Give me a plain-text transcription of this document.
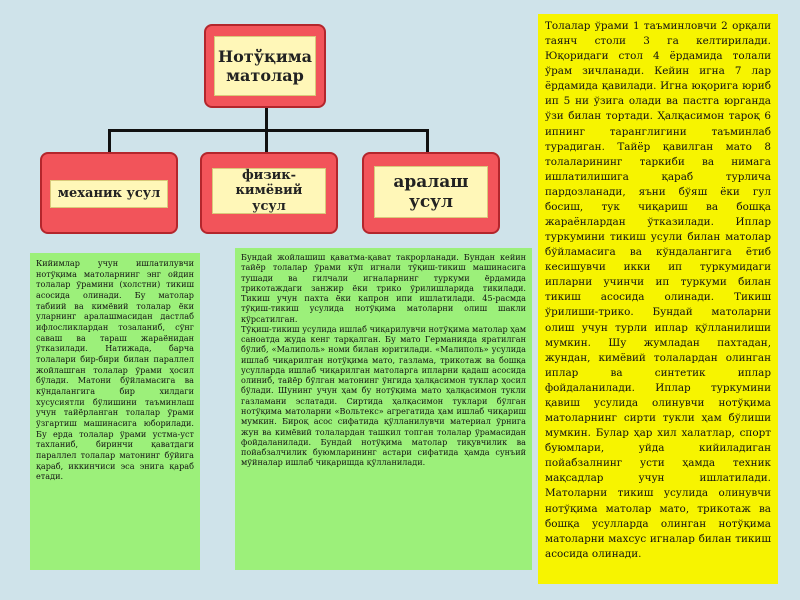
Нотўқима матолар
механик усул
физик-кимёвий усул
аралаш усул

Кийимлар учун ишлатилувчи нотўқима матоларнинг энг ойдин толалар ўрамини (холстни) тикиш асосида олинади. Бу матолар табиий ва кимёвий толалар ёки уларнинг аралашмасидан дастлаб ифлосликлардан тозаланиб, сўнг саваш ва тараш жараёнидан ўтказилади. Натижада, барча толалари бир-бири билан параллел жойлашган толалар ўрами ҳосил бўлади. Матони бўйламасига ва кўндалангига бир хилдаги хусусиятли бўлишини таъминлаш учун тайёрланган толалар ўрами ўзгартиш машинасига юборилади. Бу ерда толалар ўрами устма-уст тахланиб, биринчи қаватдаги параллел толалар матонинг бўйига қараб, иккинчиси эса энига қараб етади.

Бундай жойлашиш қаватма-қават такрорланади. Бундан кейин тайёр толалар ўрами кўп игнали тўқиш-тикиш машинасига тушади ва гилчали игналарнинг туркуми ёрдамида трикотаждаги занжир ёки трико ўрилишларида тикилади. Тикиш учун пахта ёки капрон ипи ишлатилади. 45-расмда тўқиш-тикиш усулида нотўқима матоларни олиш шакли кўрсатилган.

Тўқиш-тикиш усулида ишлаб чиқарилувчи нотўқима матолар ҳам саноатда жуда кенг тарқалган. Бу мато Германияда яратилган бўлиб, «Малиполь» номи билан юритилади. «Малиполь» усулида ишлаб чиқарилган нотўқима мато, газлама, трикотаж ва бошқа усулларда ишлаб чиқарилган матоларга ипларни қадаш асосида олиниб, тайёр бўлган матонинг ўнгида ҳалқасимон туклар ҳосил бўлади. Шунинг учун ҳам бу нотўқима мато ҳалқасимон тукли газламани эслатади. Сиртида ҳалқасимон туклари бўлган нотўқима матоларни «Вольтекс» агрегатида ҳам ишлаб чиқариш мумкин. Бироқ асос сифатида қўлланилувчи материал ўрнига жун ва кимёвий толалардан ташкил топган толалар ўрамасидан фойдаланилади. Бундай нотўқима матолар тиқувчилик ва пойабзалчилик буюмларининг астари сифатида ҳамда сунъий мўйналар ишлаб чиқаришда қўлланилади.

Толалар ўрами 1 таъминловчи 2 орқали таянч столи 3 га келтирилади. Юқоридаги стол 4 ёрдамида толали ўрам зичланади. Кейин игна 7 лар ёрдамида қавилади. Игна юқорига юриб ип 5 ни ўзига олади ва пастга юрганда ўзи билан тортади. Ҳалқасимон тароқ 6 ипнинг таранглигини таъминлаб турадиган. Тайёр қавилган мато 8 толаларининг таркиби ва нимага ишлатилишига қараб турлича пардозланади, яъни бўяш ёки гул босиш, тук чиқариш ва бошқа жараёнлардан ўтказилади. Иплар туркумини тикиш усули билан матолар бўйламасига ва кўндалангига ётиб кесишувчи икки ип туркумидаги ипларни учинчи ип туркуми билан тикиш асосида олинади. Тикиш ўрилиши-трико. Бундай матоларни олиш учун турли иплар қўлланилиши мумкин. Шу жумладан пахтадан, жундан, кимёвий толалардан олинган иплар ва синтетик иплар фойдаланилади. Иплар туркумини қавиш усулида олинувчи нотўқима матоларнинг сирти тукли ҳам бўлиши мумкин. Булар ҳар хил халатлар, спорт буюмлари, уйда кийиладиган пойабзалнинг усти ҳамда техник мақсадлар учун ишлатилади. Матоларни тикиш усулида олинувчи нотўқима матолар мато, трикотаж ва бошқа усулларда олинган нотўқима матоларни махсус игналар билан тикиш асосида олинади.
